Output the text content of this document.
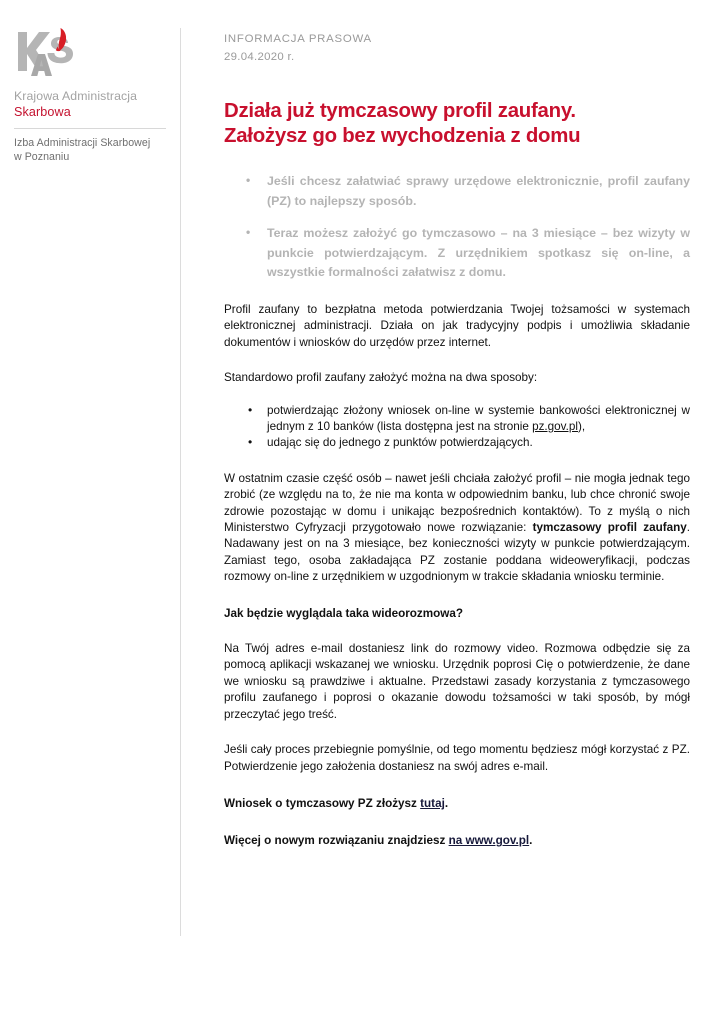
Krajowa Administracja
Skarbowa
Izba Administracji Skarbowej
w Poznaniu
INFORMACJA PRASOWA
29.04.2020 r.
Działa już tymczasowy profil zaufany.
Założysz go bez wychodzenia z domu
• Jeśli chcesz załatwiać sprawy urzędowe elektronicznie, profil zaufany (PZ) to najlepszy sposób.
• Teraz możesz założyć go tymczasowo – na 3 miesiące – bez wizyty w punkcie potwierdzającym. Z urzędnikiem spotkasz się on-line, a wszystkie formalności załatwisz z domu.

Profil zaufany to bezpłatna metoda potwierdzania Twojej tożsamości w systemach elektronicznej administracji. Działa on jak tradycyjny podpis i umożliwia składanie dokumentów i wniosków do urzędów przez internet.

Standardowo profil zaufany założyć można na dwa sposoby:

• potwierdzając złożony wniosek on-line w systemie bankowości elektronicznej w jednym z 10 banków (lista dostępna jest na stronie pz.gov.pl),
• udając się do jednego z punktów potwierdzających.

W ostatnim czasie część osób – nawet jeśli chciała założyć profil – nie mogła jednak tego zrobić (ze względu na to, że nie ma konta w odpowiednim banku, lub chce chronić swoje zdrowie pozostając w domu i unikając bezpośrednich kontaktów). To z myślą o nich Ministerstwo Cyfryzacji przygotowało nowe rozwiązanie: tymczasowy profil zaufany. Nadawany jest on na 3 miesiące, bez konieczności wizyty w punkcie potwierdzającym. Zamiast tego, osoba zakładająca PZ zostanie poddana wideoweryfikacji, podczas rozmowy on-line z urzędnikiem w uzgodnionym w trakcie składania wniosku terminie.

Jak będzie wyglądala taka wideorozmowa?

Na Twój adres e-mail dostaniesz link do rozmowy video. Rozmowa odbędzie się za pomocą aplikacji wskazanej we wniosku. Urzędnik poprosi Cię o potwierdzenie, że dane we wniosku są prawdziwe i aktualne. Przedstawi zasady korzystania z tymczasowego profilu zaufanego i poprosi o okazanie dowodu tożsamości w taki sposób, by mógł przeczytać jego treść.

Jeśli cały proces przebiegnie pomyślnie, od tego momentu będziesz mógł korzystać z PZ. Potwierdzenie jego założenia dostaniesz na swój adres e-mail.

Wniosek o tymczasowy PZ złożysz tutaj.

Więcej o nowym rozwiązaniu znajdziesz na www.gov.pl.
